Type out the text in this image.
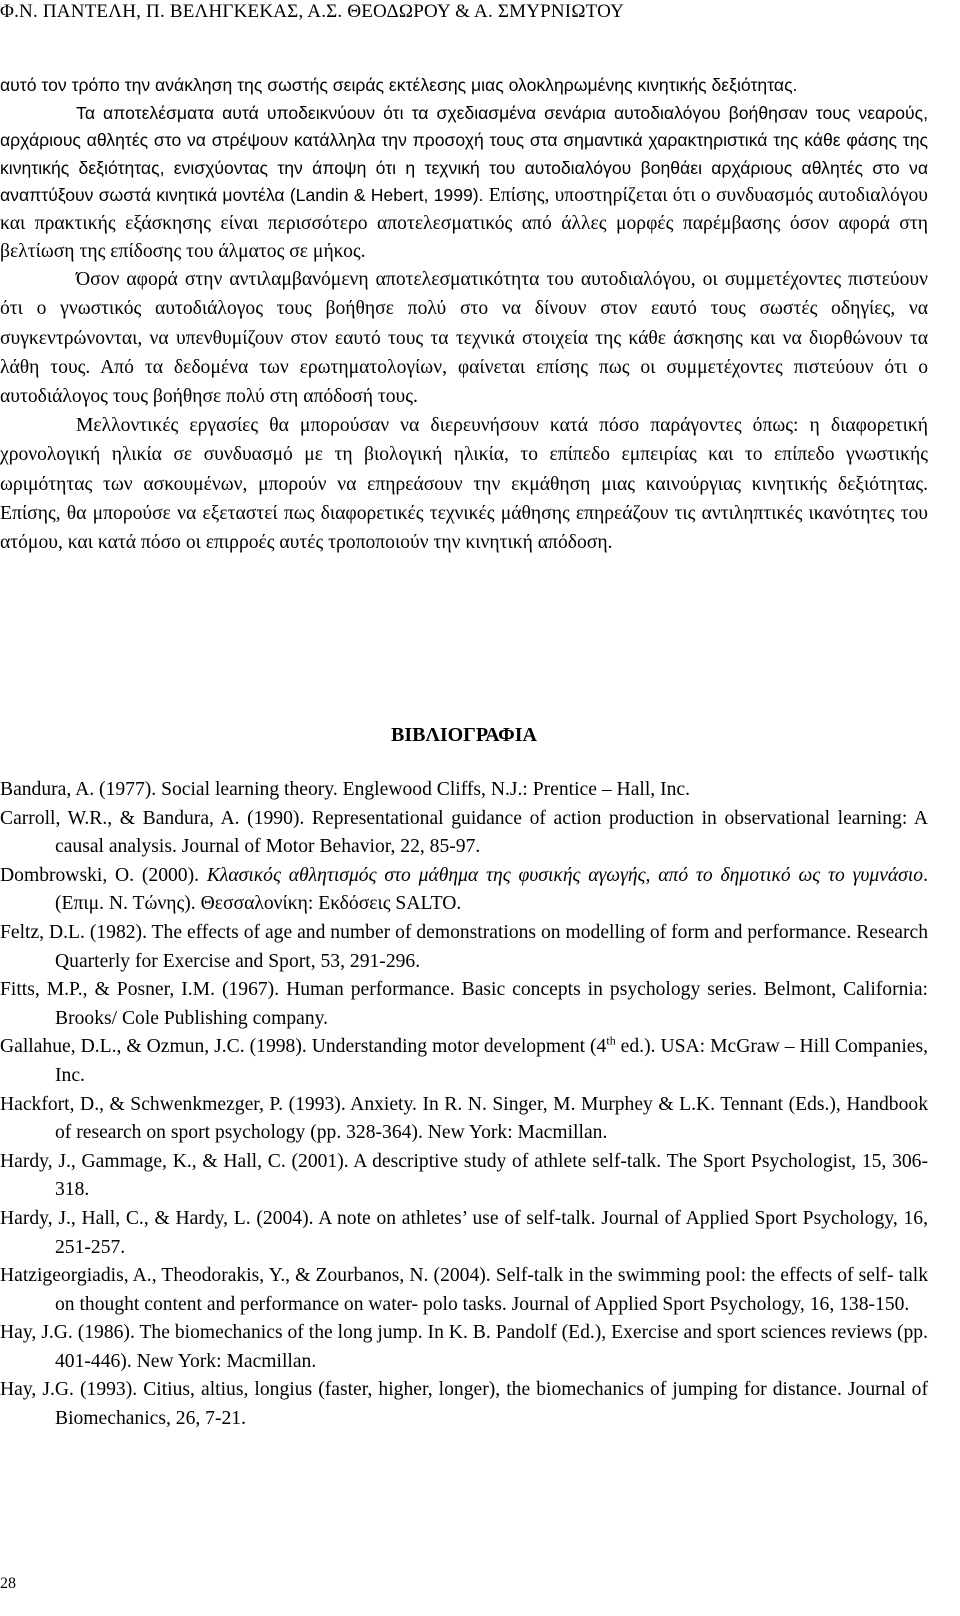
Φ.Ν. ΠΑΝΤΕΛΗ, Π. ΒΕΛΗΓΚΕΚΑΣ, Α.Σ. ΘΕΟΔΩΡΟΥ & Α. ΣΜΥΡΝΙΩΤΟΥ

αυτό τον τρόπο την ανάκληση της σωστής σειράς εκτέλεσης μιας ολοκληρωμένης κινητικής δεξιότητας.

Τα αποτελέσματα αυτά υποδεικνύουν ότι τα σχεδιασμένα σενάρια αυτοδιαλόγου βοήθησαν τους νεαρούς, αρχάριους αθλητές στο να στρέψουν κατάλληλα την προσοχή τους στα σημαντικά χαρακτηριστικά της κάθε φάσης της κινητικής δεξιότητας, ενισχύοντας την άποψη ότι η τεχνική του αυτοδιαλόγου βοηθάει αρχάριους αθλητές στο να αναπτύξουν σωστά κινητικά μοντέλα (Landin & Hebert, 1999). Επίσης, υποστηρίζεται ότι ο συνδυασμός αυτοδιαλόγου και πρακτικής εξάσκησης είναι περισσότερο αποτελεσματικός από άλλες μορφές παρέμβασης όσον αφορά στη βελτίωση της επίδοσης του άλματος σε μήκος.

Όσον αφορά στην αντιλαμβανόμενη αποτελεσματικότητα του αυτοδιαλόγου, οι συμμετέχοντες πιστεύουν ότι ο γνωστικός αυτοδιάλογος τους βοήθησε πολύ στο να δίνουν στον εαυτό τους σωστές οδηγίες, να συγκεντρώνονται, να υπενθυμίζουν στον εαυτό τους τα τεχνικά στοιχεία της κάθε άσκησης και να διορθώνουν τα λάθη τους. Από τα δεδομένα των ερωτηματολογίων, φαίνεται επίσης πως οι συμμετέχοντες πιστεύουν ότι ο αυτοδιάλογος τους βοήθησε πολύ στη απόδοσή τους.

Μελλοντικές εργασίες θα μπορούσαν να διερευνήσουν κατά πόσο παράγοντες όπως: η διαφορετική χρονολογική ηλικία σε συνδυασμό με τη βιολογική ηλικία, το επίπεδο εμπειρίας και το επίπεδο γνωστικής ωριμότητας των ασκουμένων, μπορούν να επηρεάσουν την εκμάθηση μιας καινούργιας κινητικής δεξιότητας. Επίσης, θα μπορούσε να εξεταστεί πως διαφορετικές τεχνικές μάθησης επηρεάζουν τις αντιληπτικές ικανότητες του ατόμου, και κατά πόσο οι επιρροές αυτές τροποποιούν την κινητική απόδοση.

ΒΙΒΛΙΟΓΡΑΦΙΑ

Bandura, A. (1977). Social learning theory. Englewood Cliffs, N.J.: Prentice – Hall, Inc.

Carroll, W.R., & Bandura, A. (1990). Representational guidance of action production in observational learning: A causal analysis. Journal of Motor Behavior, 22, 85-97.

Dombrowski, O. (2000). Κλασικός αθλητισμός στο μάθημα της φυσικής αγωγής, από το δημοτικό ως το γυμνάσιο. (Επιμ. Ν. Τώνης). Θεσσαλονίκη: Εκδόσεις SALTO.

Feltz, D.L. (1982). The effects of age and number of demonstrations on modelling of form and performance. Research Quarterly for Exercise and Sport, 53, 291-296.

Fitts, M.P., & Posner, I.M. (1967). Human performance. Basic concepts in psychology series. Belmont, California: Brooks/ Cole Publishing company.

Gallahue, D.L., & Ozmun, J.C. (1998). Understanding motor development (4th ed.). USA: McGraw – Hill Companies, Inc.

Hackfort, D., & Schwenkmezger, P. (1993). Anxiety. In R. N. Singer, M. Murphey & L.K. Tennant (Eds.), Handbook of research on sport psychology (pp. 328-364). New York: Macmillan.

Hardy, J., Gammage, K., & Hall, C. (2001). A descriptive study of athlete self-talk. The Sport Psychologist, 15, 306-318.

Hardy, J., Hall, C., & Hardy, L. (2004). A note on athletes’ use of self-talk. Journal of Applied Sport Psychology, 16, 251-257.

Hatzigeorgiadis, A., Theodorakis, Y., & Zourbanos, N. (2004). Self-talk in the swimming pool: the effects of self- talk on thought content and performance on water- polo tasks. Journal of Applied Sport Psychology, 16, 138-150.

Hay, J.G. (1986). The biomechanics of the long jump. In K. B. Pandolf (Ed.), Exercise and sport sciences reviews (pp. 401-446). New York: Macmillan.

Hay, J.G. (1993). Citius, altius, longius (faster, higher, longer), the biomechanics of jumping for distance. Journal of Biomechanics, 26, 7-21.

28
